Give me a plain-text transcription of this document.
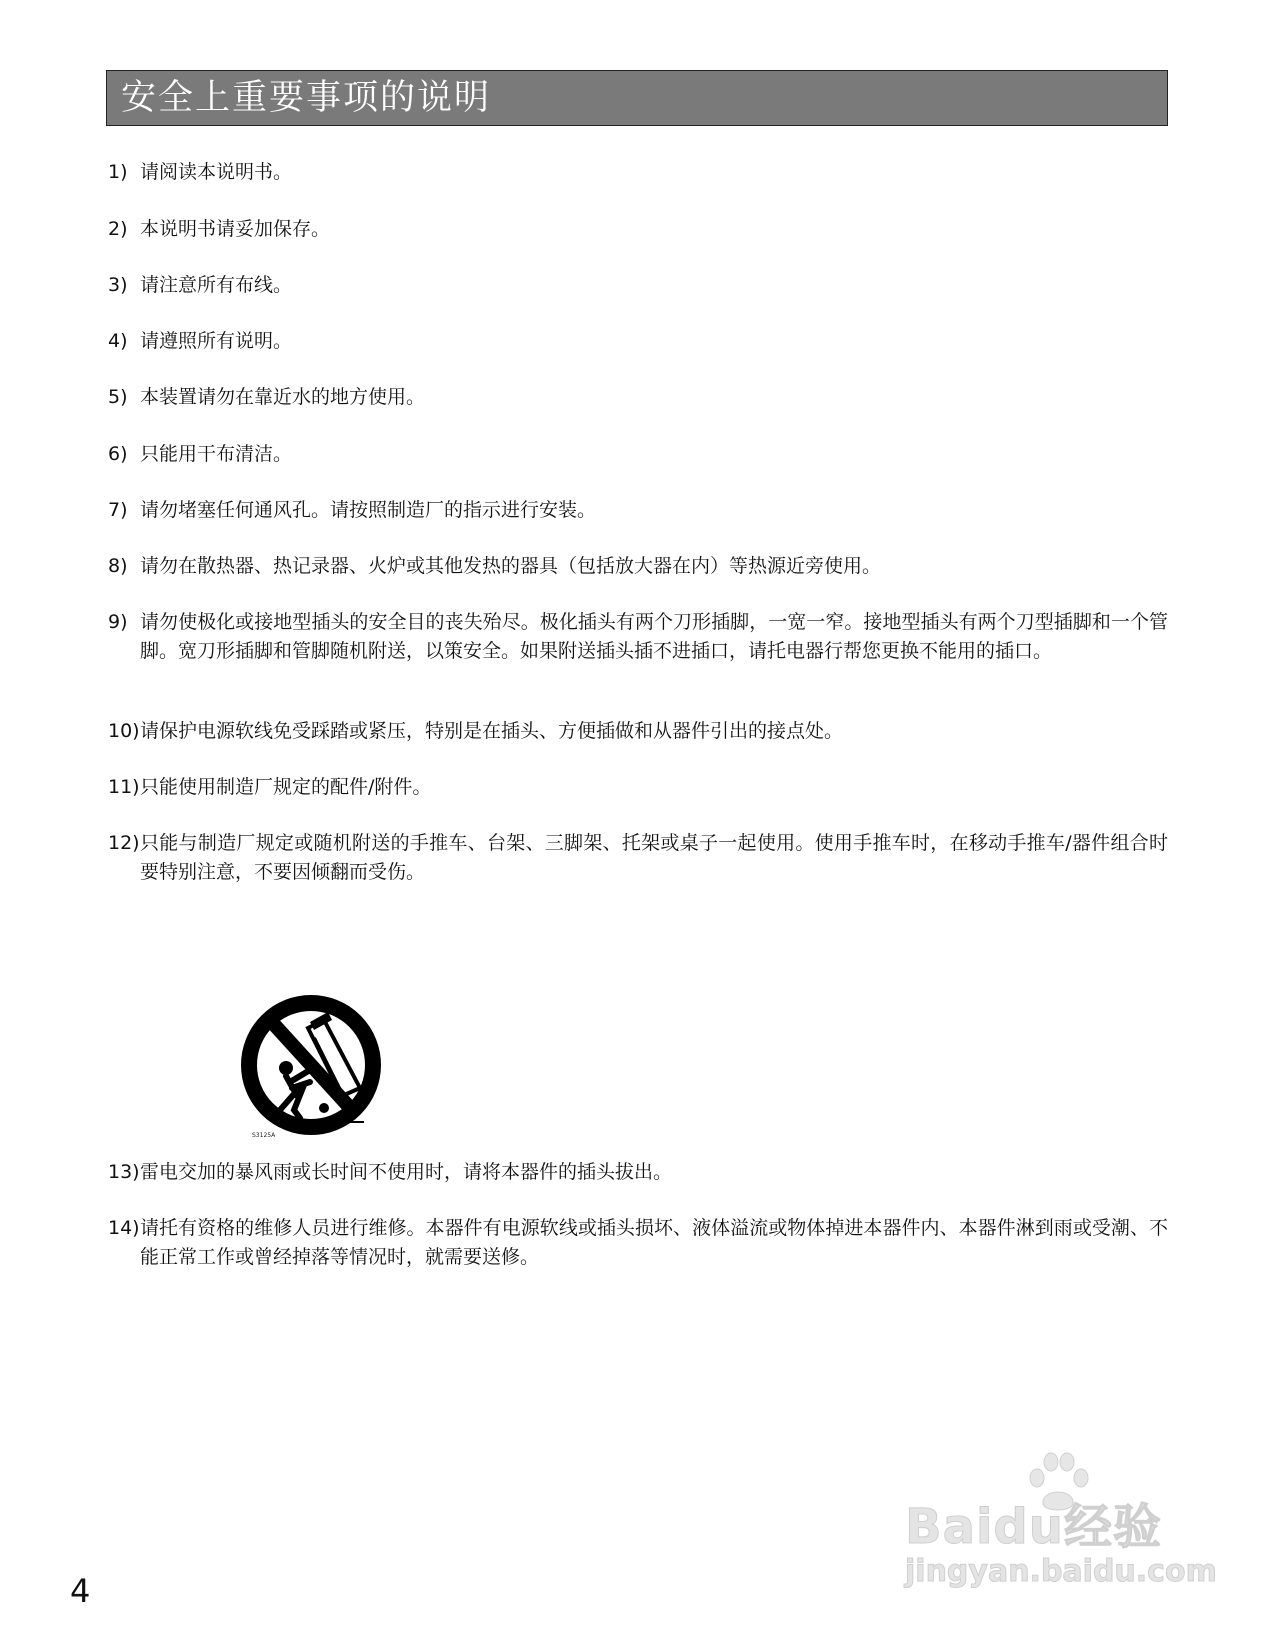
安全上重要事项的说明
1) 请阅读本说明书。
2) 本说明书请妥加保存。
3) 请注意所有布线。
4) 请遵照所有说明。
5) 本装置请勿在靠近水的地方使用。
6) 只能用干布清洁。
7) 请勿堵塞任何通风孔。请按照制造厂的指示进行安装。
8) 请勿在散热器、热记录器、火炉或其他发热的器具（包括放大器在内）等热源近旁使用。
9) 请勿使极化或接地型插头的安全目的丧失殆尽。极化插头有两个刀形插脚，一宽一窄。接地型插头有两个刀型插脚和一个管脚。宽刀形插脚和管脚随机附送，以策安全。如果附送插头插不进插口，请托电器行帮您更换不能用的插口。
10) 请保护电源软线免受踩踏或紧压，特别是在插头、方便插做和从器件引出的接点处。
11) 只能使用制造厂规定的配件/附件。
12) 只能与制造厂规定或随机附送的手推车、台架、三脚架、托架或桌子一起使用。使用手推车时，在移动手推车/器件组合时要特别注意，不要因倾翻而受伤。
S3125A
13) 雷电交加的暴风雨或长时间不使用时，请将本器件的插头拔出。
14) 请托有资格的维修人员进行维修。本器件有电源软线或插头损坏、液体溢流或物体掉进本器件内、本器件淋到雨或受潮、不能正常工作或曾经掉落等情况时，就需要送修。
Baidu经验
jingyan.baidu.com
4
